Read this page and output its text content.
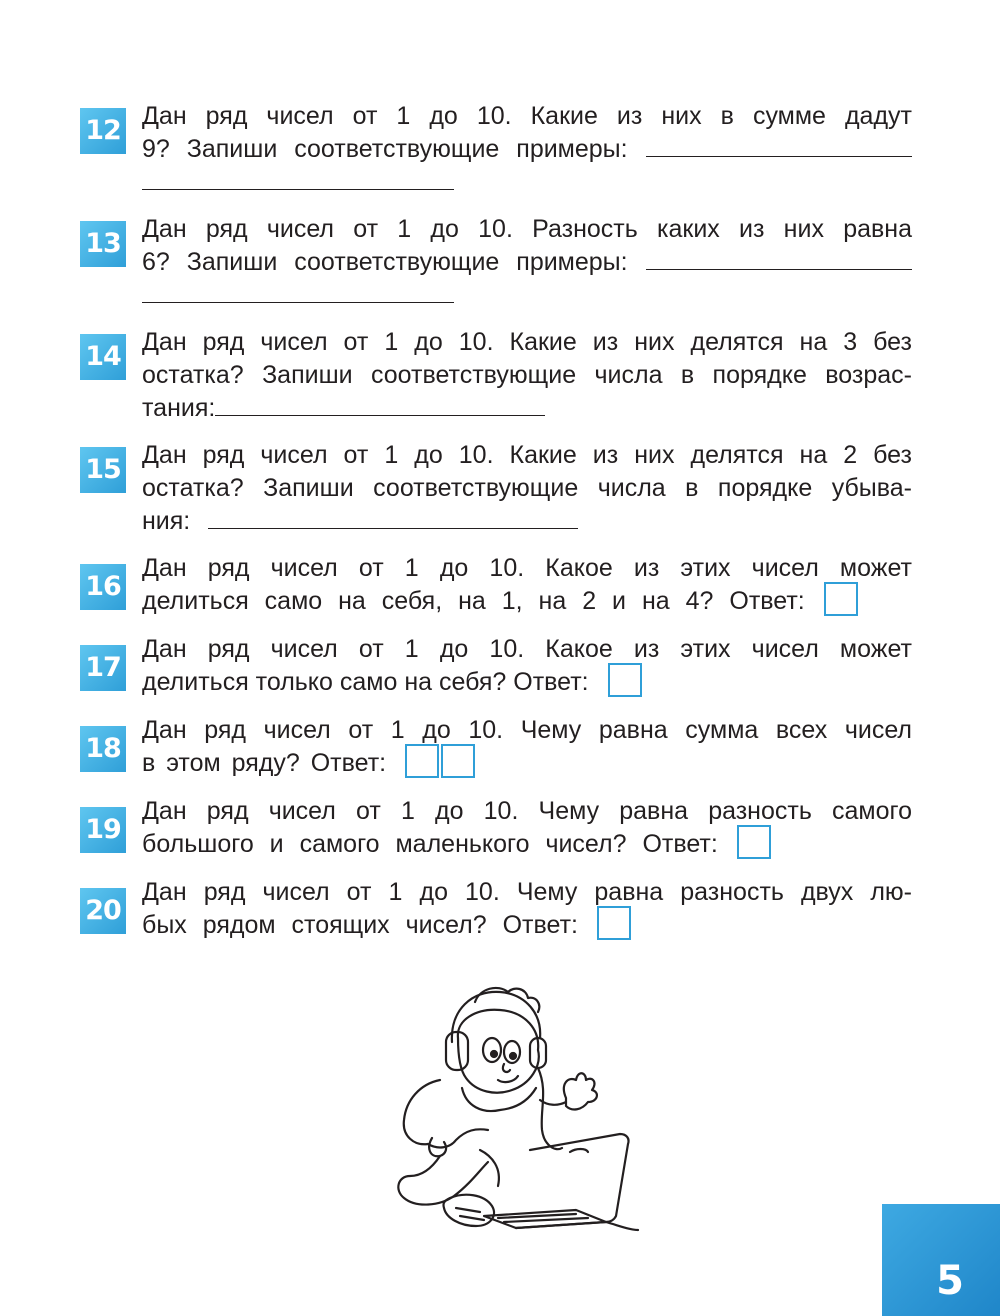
12 Дан ряд чисел от 1 до 10. Какие из них в сумме дадут
9? Запиши соответствующие примеры:
13 Дан ряд чисел от 1 до 10. Разность каких из них равна
6? Запиши соответствующие примеры:
14 Дан ряд чисел от 1 до 10. Какие из них делятся на 3 без
остатка? Запиши соответствующие числа в порядке возрас-
тания:
15 Дан ряд чисел от 1 до 10. Какие из них делятся на 2 без
остатка? Запиши соответствующие числа в порядке убыва-
ния:
16
Дан ряд чисел от 1 до 10. Какое из этих чисел может
делиться само на себя, на 1, на 2 и на 4? Ответ:
17
Дан ряд чисел от 1 до 10. Какое из этих чисел может
делиться только само на себя? Ответ:
18
Дан ряд чисел от 1 до 10. Чему равна сумма всех чисел
в этом ряду? Ответ:
19
Дан ряд чисел от 1 до 10. Чему равна разность самого
большого и самого маленького чисел? Ответ:
20
Дан ряд чисел от 1 до 10. Чему равна разность двух лю-
бых рядом стоящих чисел? Ответ:
5
